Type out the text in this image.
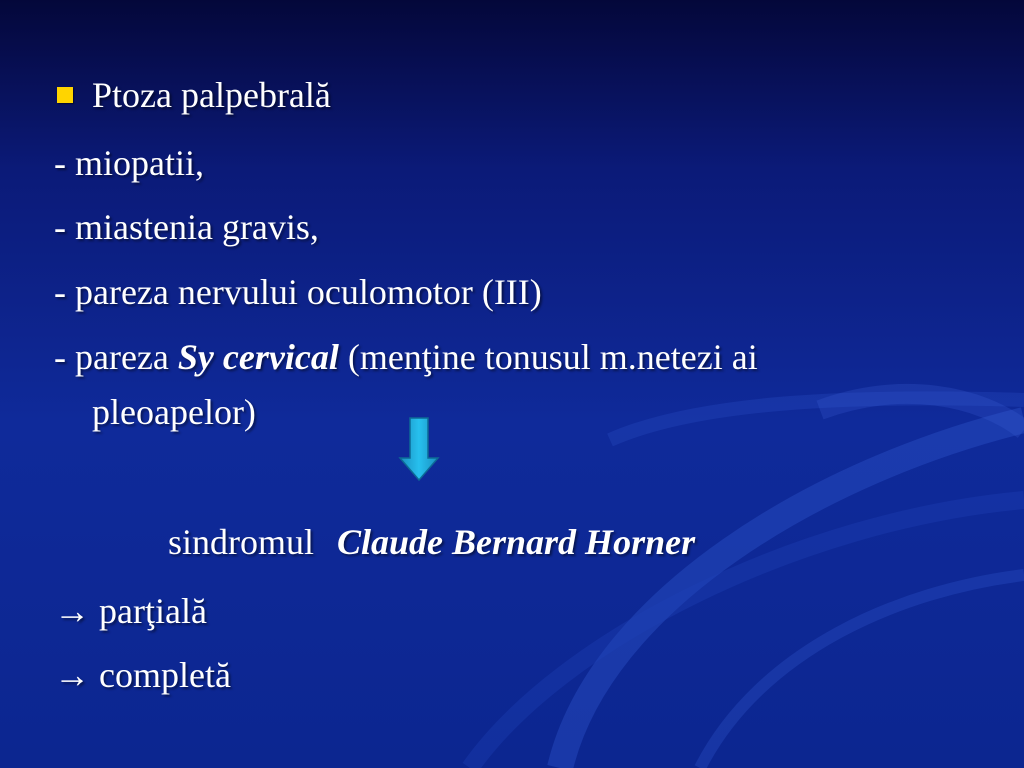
Ptoza palpebrală
- miopatii,
- miastenia gravis,
- pareza nervului oculomotor (III)
- pareza Sy cervical (menţine tonusul m.netezi ai
pleoapelor)
sindromul Claude Bernard Horner
→ parţială
→ completă
